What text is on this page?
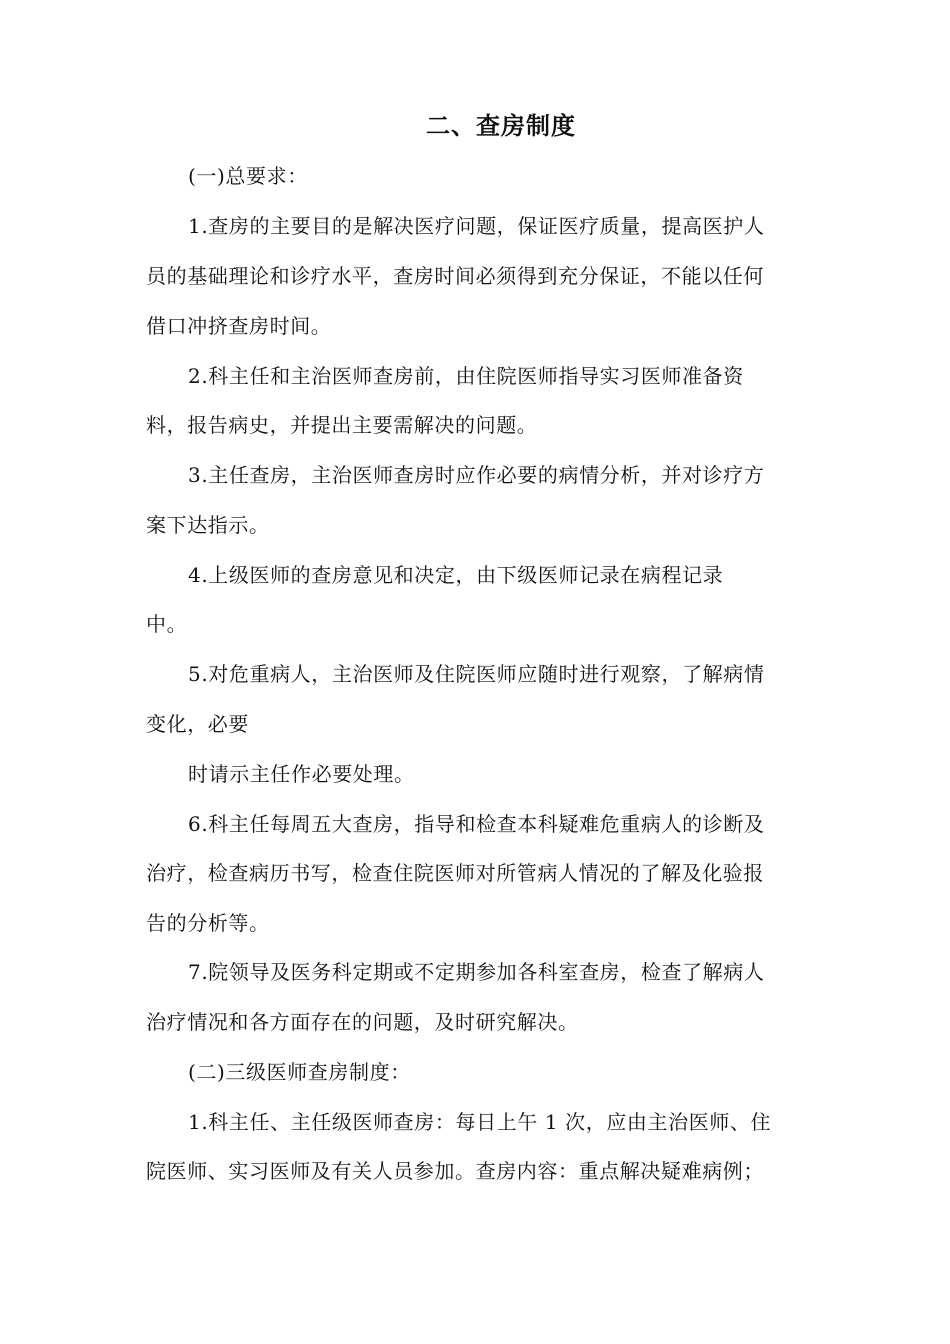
二、查房制度
(一)总要求：
1.查房的主要目的是解决医疗问题，保证医疗质量，提高医护人
员的基础理论和诊疗水平，查房时间必须得到充分保证，不能以任何
借口冲挤查房时间。
2.科主任和主治医师查房前，由住院医师指导实习医师准备资
料，报告病史，并提出主要需解决的问题。
3.主任查房，主治医师查房时应作必要的病情分析，并对诊疗方
案下达指示。
4.上级医师的查房意见和决定，由下级医师记录在病程记录
中。
5.对危重病人，主治医师及住院医师应随时进行观察，了解病情
变化，必要
时请示主任作必要处理。
6.科主任每周五大查房，指导和检查本科疑难危重病人的诊断及
治疗，检查病历书写，检查住院医师对所管病人情况的了解及化验报
告的分析等。
7.院领导及医务科定期或不定期参加各科室查房，检查了解病人
治疗情况和各方面存在的问题，及时研究解决。
(二)三级医师查房制度：
1.科主任、主任级医师查房：每日上午 1 次，应由主治医师、住
院医师、实习医师及有关人员参加。查房内容：重点解决疑难病例；
